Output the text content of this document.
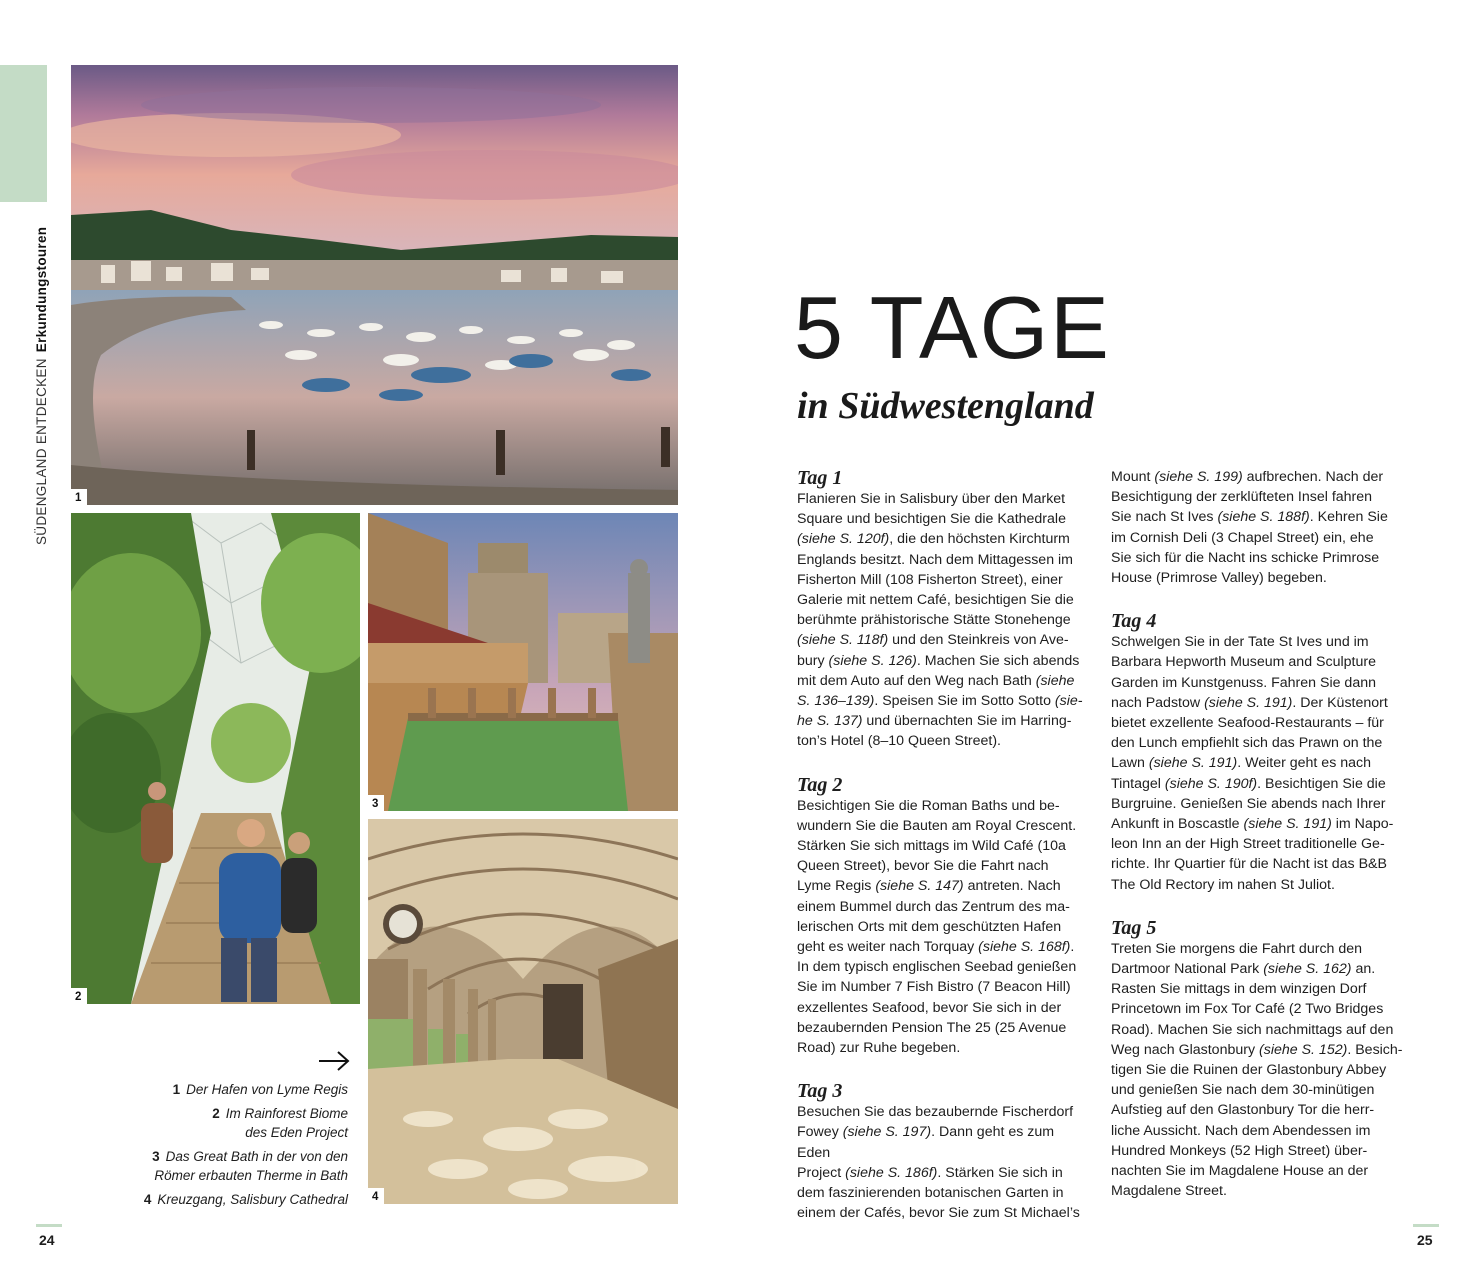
SÜDENGLAND ENTDECKENErkundungstouren
1
2
3
4
1 Der Hafen von Lyme Regis
2 Im Rainforest Biome
des Eden Project
3 Das Great Bath in der von den
Römer erbauten Therme in Bath
4 Kreuzgang, Salisbury Cathedral
24
5 TAGE
in Südwestengland
Tag 1

Flanieren Sie in Salisbury über den Market
Square und besichtigen Sie die Kathedrale
(siehe S. 120f), die den höchsten Kirchturm
Englands besitzt. Nach dem Mittagessen im
Fisherton Mill (108 Fisherton Street), einer
Galerie mit nettem Café, besichtigen Sie die
berühmte prähistorische Stätte Stonehenge
(siehe S. 118f) und den Steinkreis von Ave-
bury (siehe S. 126). Machen Sie sich abends
mit dem Auto auf den Weg nach Bath (siehe
S. 136–139). Speisen Sie im Sotto Sotto (sie-
he S. 137) und übernachten Sie im Harring-
ton’s Hotel (8–10 Queen Street).

Tag 2

Besichtigen Sie die Roman Baths und be-
wundern Sie die Bauten am Royal Crescent.
Stärken Sie sich mittags im Wild Café (10a
Queen Street), bevor Sie die Fahrt nach
Lyme Regis (siehe S. 147) antreten. Nach
einem Bummel durch das Zentrum des ma-
lerischen Orts mit dem geschützten Hafen
geht es weiter nach Torquay (siehe S. 168f).
In dem typisch englischen Seebad genießen
Sie im Number 7 Fish Bistro (7 Beacon Hill)
exzellentes Seafood, bevor Sie sich in der
bezaubernden Pension The 25 (25 Avenue
Road) zur Ruhe begeben.

Tag 3

Besuchen Sie das bezaubernde Fischerdorf
Fowey (siehe S. 197). Dann geht es zum Eden
Project (siehe S. 186f). Stärken Sie sich in
dem faszinierenden botanischen Garten in
einem der Cafés, bevor Sie zum St Michael’s

Mount (siehe S. 199) aufbrechen. Nach der
Besichtigung der zerklüfteten Insel fahren
Sie nach St Ives (siehe S. 188f). Kehren Sie
im Cornish Deli (3 Chapel Street) ein, ehe
Sie sich für die Nacht ins schicke Primrose
House (Primrose Valley) begeben.

Tag 4

Schwelgen Sie in der Tate St Ives und im
Barbara Hepworth Museum and Sculpture
Garden im Kunstgenuss. Fahren Sie dann
nach Padstow (siehe S. 191). Der Küstenort
bietet exzellente Seafood-Restaurants – für
den Lunch empfiehlt sich das Prawn on the
Lawn (siehe S. 191). Weiter geht es nach
Tintagel (siehe S. 190f). Besichtigen Sie die
Burgruine. Genießen Sie abends nach Ihrer
Ankunft in Boscastle (siehe S. 191) im Napo-
leon Inn an der High Street traditionelle Ge-
richte. Ihr Quartier für die Nacht ist das B&B
The Old Rectory im nahen St Juliot.

Tag 5

Treten Sie morgens die Fahrt durch den
Dartmoor National Park (siehe S. 162) an.
Rasten Sie mittags in dem winzigen Dorf
Princetown im Fox Tor Café (2 Two Bridges
Road). Machen Sie sich nachmittags auf den
Weg nach Glastonbury (siehe S. 152). Besich-
tigen Sie die Ruinen der Glastonbury Abbey
und genießen Sie nach dem 30-minütigen
Aufstieg auf den Glastonbury Tor die herr-
liche Aussicht. Nach dem Abendessen im
Hundred Monkeys (52 High Street) über-
nachten Sie im Magdalene House an der
Magdalene Street.

25
